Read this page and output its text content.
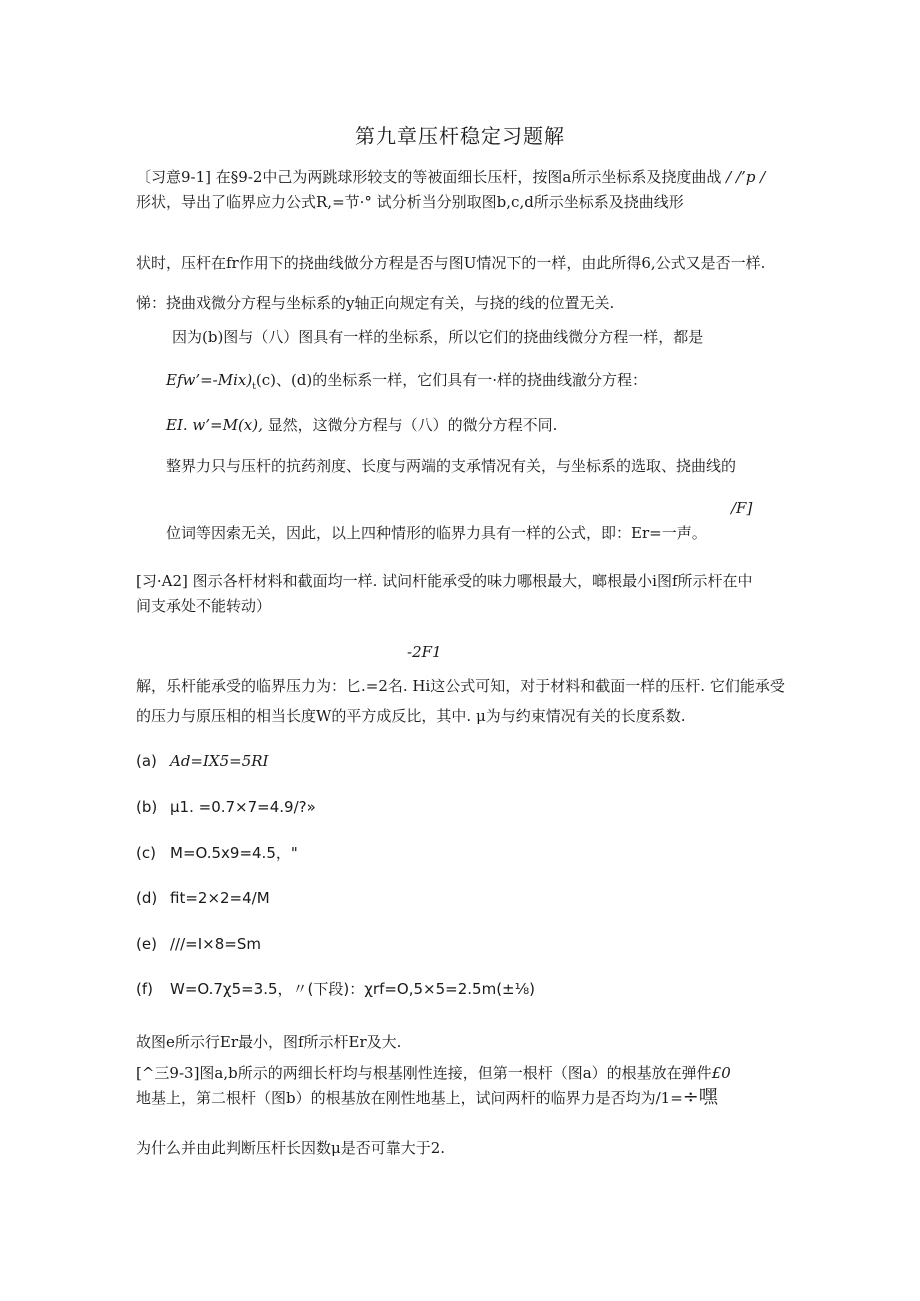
第九章压杆稳定习题解
〔习意9-1] 在§9-2中己为两跳球形较支的等被面细长压杆，按图a所示坐标系及挠度曲战 / /’p /
形状，导出了临界应力公式R,=节·° 试分析当分别取图b,c,d所示坐标系及挠曲线形
状时，压杆在fr作用下的挠曲线做分方程是否与图U情况下的一样，由此所得6,公式又是否一样.
悌：挠曲戏微分方程与坐标系的y轴正向规定有关，与挠的线的位置无关.
因为(b)图与（八）图具有一样的坐标系，所以它们的挠曲线微分方程一样，都是
$Efw’=-Mix)_t(c)$、(d)的坐标系一样，它们具有一·样的挠曲线澈分方程：
EI. w’=M(x), 显然，这微分方程与（八）的微分方程不同.
整界力只与压杆的抗药剂度、长度与两端的支承情况有关，与坐标系的选取、挠曲线的
/F]
位词等因索无关，因此，以上四种情形的临界力具有一样的公式，即：Er=一声。
[习·A2] 图示各杆材料和截面均一样. 试问杆能承受的味力哪根最大，啷根最小i图f所示杆在中
间支承处不能转动）
-2F1
解，乐杆能承受的临界压力为：匕.=2名. Hi这公式可知，对于材料和截面一样的压杆. 它们能承受
的压力与原压相的相当长度W的平方成反比，其中. μ为与约束情况有关的长度系数.
(a) Ad=IX5=5RI
(b) μ1. =0.7×7=4.9/?»
(c) M=O.5x9=4.5，"
(d) fit=2×2=4/M
(e) ///=I×8=Sm
(f) W=O.7χ5=3.5，〃(下段)：χrf=O,5×5=2.5m(±⅛)
故图e所示行Er最小，图f所示杆Er及大.
[^三9-3]图a,b所示的两细长杆均与根基刚性连接，但第一根杆（图a）的根基放在弹件£0
地基上，第二根杆（图b）的根基放在刚性地基上，试问两杆的临界力是否均为/1=÷嘿
为什么并由此判断压杆长因数μ是否可靠大于2.
